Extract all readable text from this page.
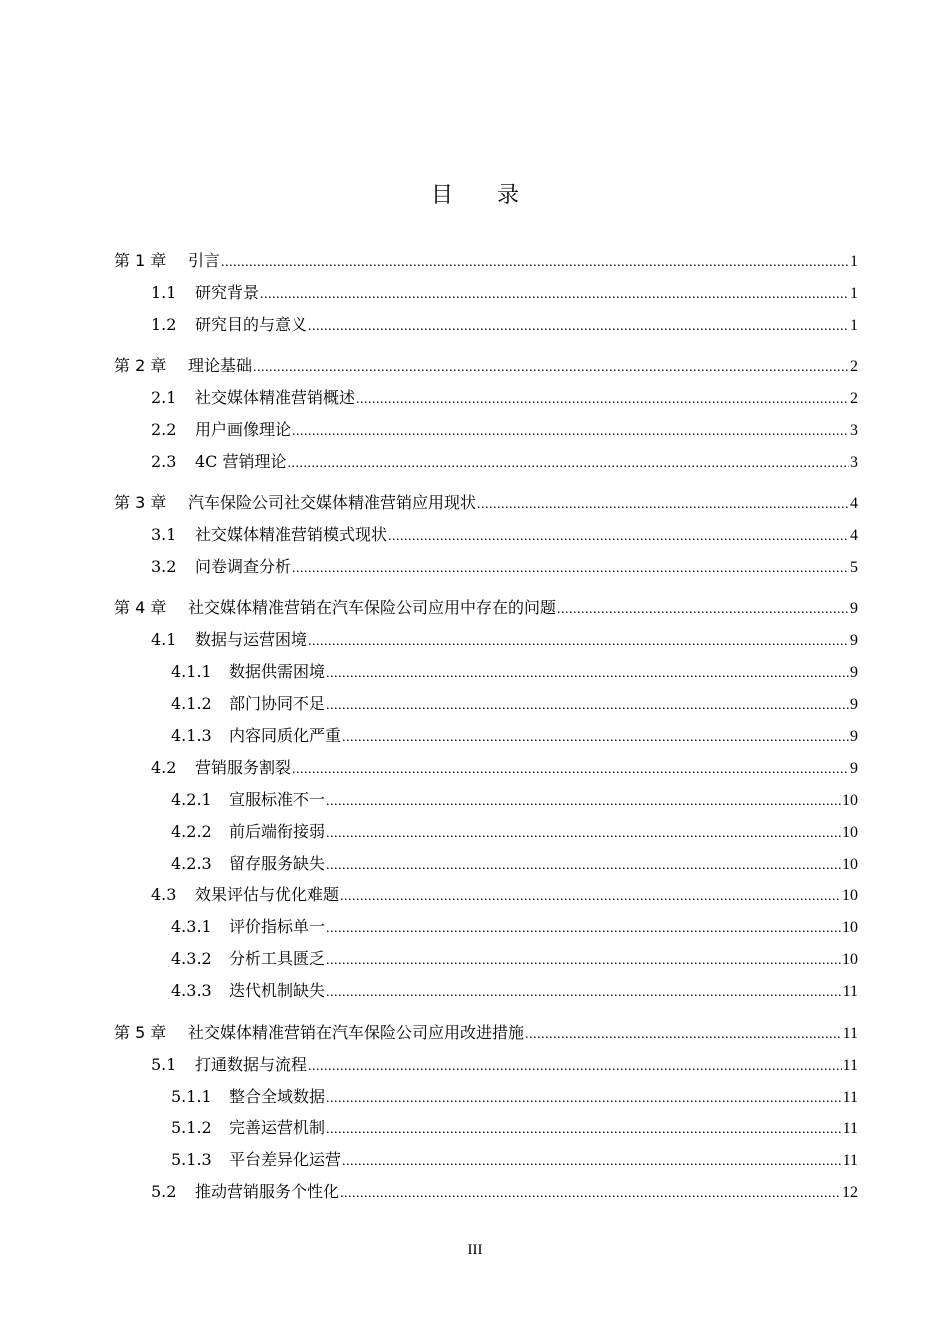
目 录
第 1 章	引言 .....	1
1.1	研究背景 .....	1
1.2	研究目的与意义 .....	1
第 2 章	理论基础 .....	2
2.1	社交媒体精准营销概述 .....	2
2.2	用户画像理论 .....	3
2.3	4C 营销理论 .....	3
第 3 章	汽车保险公司社交媒体精准营销应用现状 .....	4
3.1	社交媒体精准营销模式现状 .....	4
3.2	问卷调查分析 .....	5
第 4 章	社交媒体精准营销在汽车保险公司应用中存在的问题 .....	9
4.1	数据与运营困境 .....	9
4.1.1	数据供需困境 .....	9
4.1.2	部门协同不足 .....	9
4.1.3	内容同质化严重 .....	9
4.2	营销服务割裂 .....	9
4.2.1	宣服标准不一 .....	10
4.2.2	前后端衔接弱 .....	10
4.2.3	留存服务缺失 .....	10
4.3	效果评估与优化难题 .....	10
4.3.1	评价指标单一 .....	10
4.3.2	分析工具匮乏 .....	10
4.3.3	迭代机制缺失 .....	11
第 5 章	社交媒体精准营销在汽车保险公司应用改进措施 .....	11
5.1	打通数据与流程 .....	11
5.1.1	整合全域数据 .....	11
5.1.2	完善运营机制 .....	11
5.1.3	平台差异化运营 .....	11
5.2	推动营销服务个性化 .....	12
III
